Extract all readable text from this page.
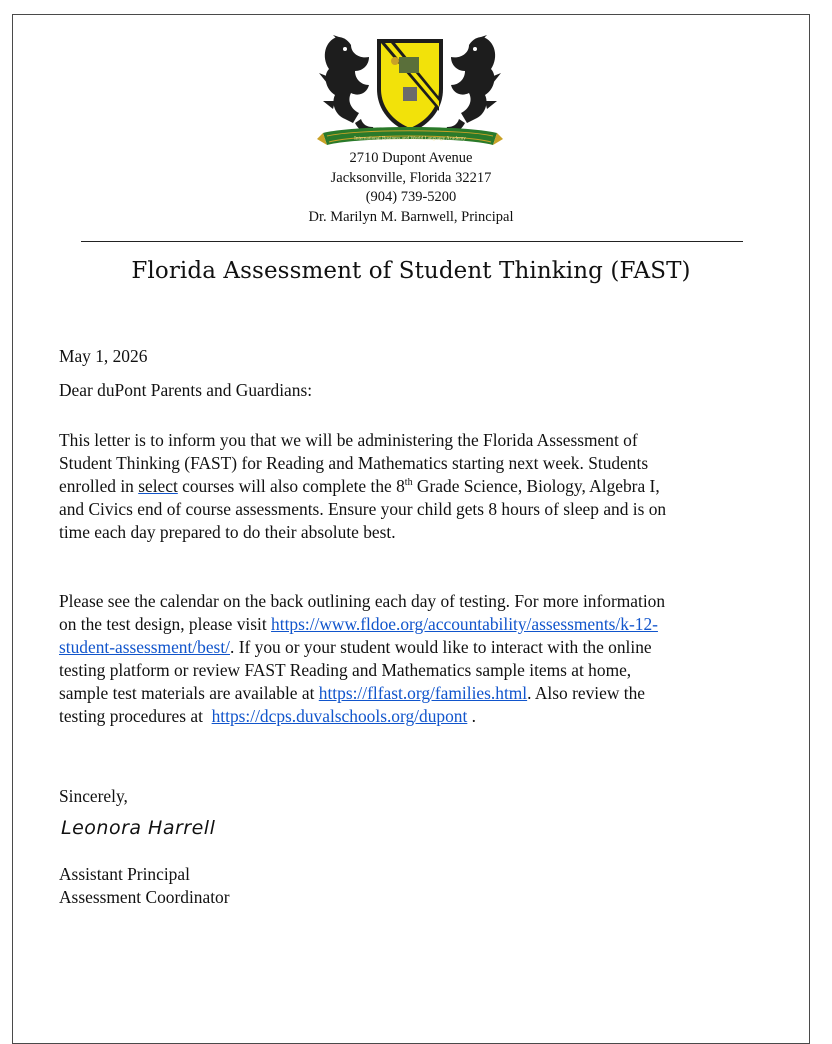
International Business and World Language Academy
2710 Dupont Avenue
Jacksonville, Florida 32217
(904) 739-5200
Dr. Marilyn M. Barnwell, Principal
Florida Assessment of Student Thinking (FAST)

May 1, 2026

Dear duPont Parents and Guardians:

This letter is to inform you that we will be administering the Florida Assessment of
Student Thinking (FAST) for Reading and Mathematics starting next week. Students
enrolled in select courses will also complete the 8th Grade Science, Biology, Algebra I,
and Civics end of course assessments. Ensure your child gets 8 hours of sleep and is on
time each day prepared to do their absolute best.

Please see the calendar on the back outlining each day of testing. For more information
on the test design, please visit https://www.fldoe.org/accountability/assessments/k-12-
student-assessment/best/. If you or your student would like to interact with the online
testing platform or review FAST Reading and Mathematics sample items at home,
sample test materials are available at https://flfast.org/families.html. Also review the
testing procedures at  https://dcps.duvalschools.org/dupont .

Sincerely,

Leonora Harrell

Assistant Principal

Assessment Coordinator
